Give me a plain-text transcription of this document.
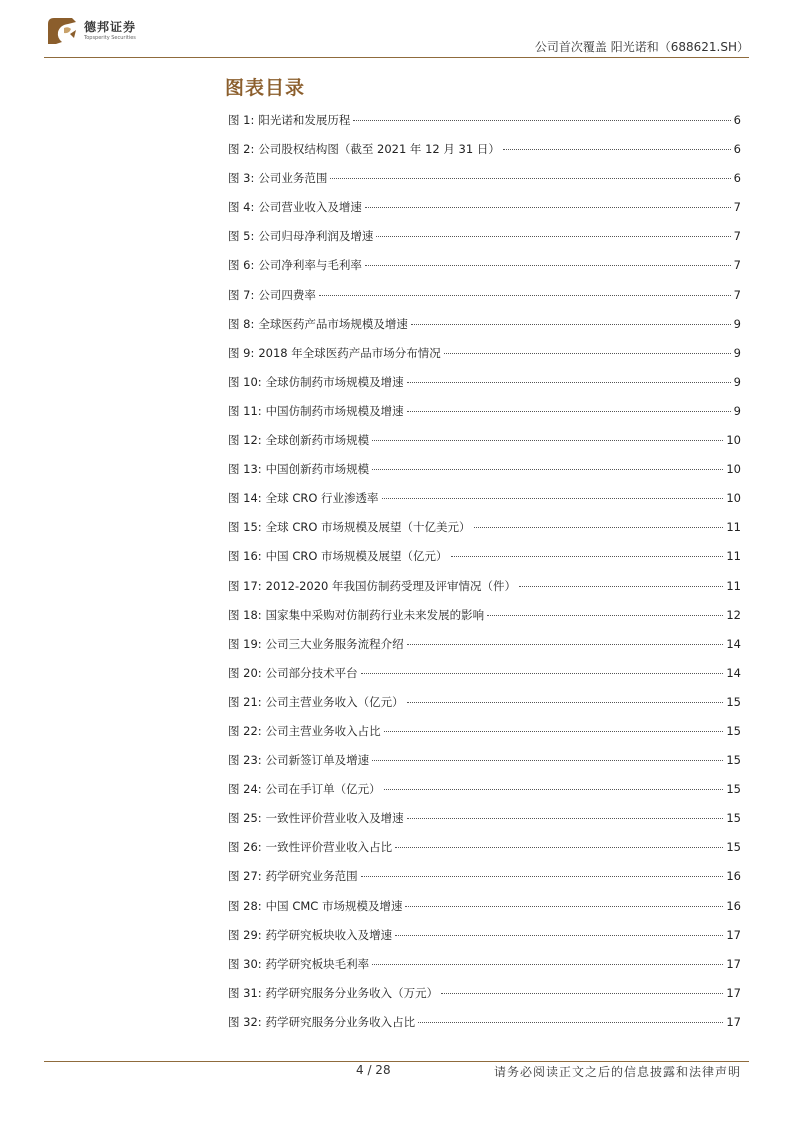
德邦证券
Topsperity Securities
公司首次覆盖 阳光诺和（688621.SH）
图表目录
图 1: 阳光诺和发展历程	6
图 2: 公司股权结构图（截至 2021 年 12 月 31 日）	6
图 3: 公司业务范围	6
图 4: 公司营业收入及增速	7
图 5: 公司归母净利润及增速	7
图 6: 公司净利率与毛利率	7
图 7: 公司四费率	7
图 8: 全球医药产品市场规模及增速	9
图 9: 2018 年全球医药产品市场分布情况	9
图 10: 全球仿制药市场规模及增速	9
图 11: 中国仿制药市场规模及增速	9
图 12: 全球创新药市场规模	10
图 13: 中国创新药市场规模	10
图 14: 全球 CRO 行业渗透率	10
图 15: 全球 CRO 市场规模及展望（十亿美元）	11
图 16: 中国 CRO 市场规模及展望（亿元）	11
图 17: 2012-2020 年我国仿制药受理及评审情况（件）	11
图 18: 国家集中采购对仿制药行业未来发展的影响	12
图 19: 公司三大业务服务流程介绍	14
图 20: 公司部分技术平台	14
图 21: 公司主营业务收入（亿元）	15
图 22: 公司主营业务收入占比	15
图 23: 公司新签订单及增速	15
图 24: 公司在手订单（亿元）	15
图 25: 一致性评价营业收入及增速	15
图 26: 一致性评价营业收入占比	15
图 27: 药学研究业务范围	16
图 28: 中国 CMC 市场规模及增速	16
图 29: 药学研究板块收入及增速	17
图 30: 药学研究板块毛利率	17
图 31: 药学研究服务分业务收入（万元）	17
图 32: 药学研究服务分业务收入占比	17
4 / 28	请务必阅读正文之后的信息披露和法律声明
